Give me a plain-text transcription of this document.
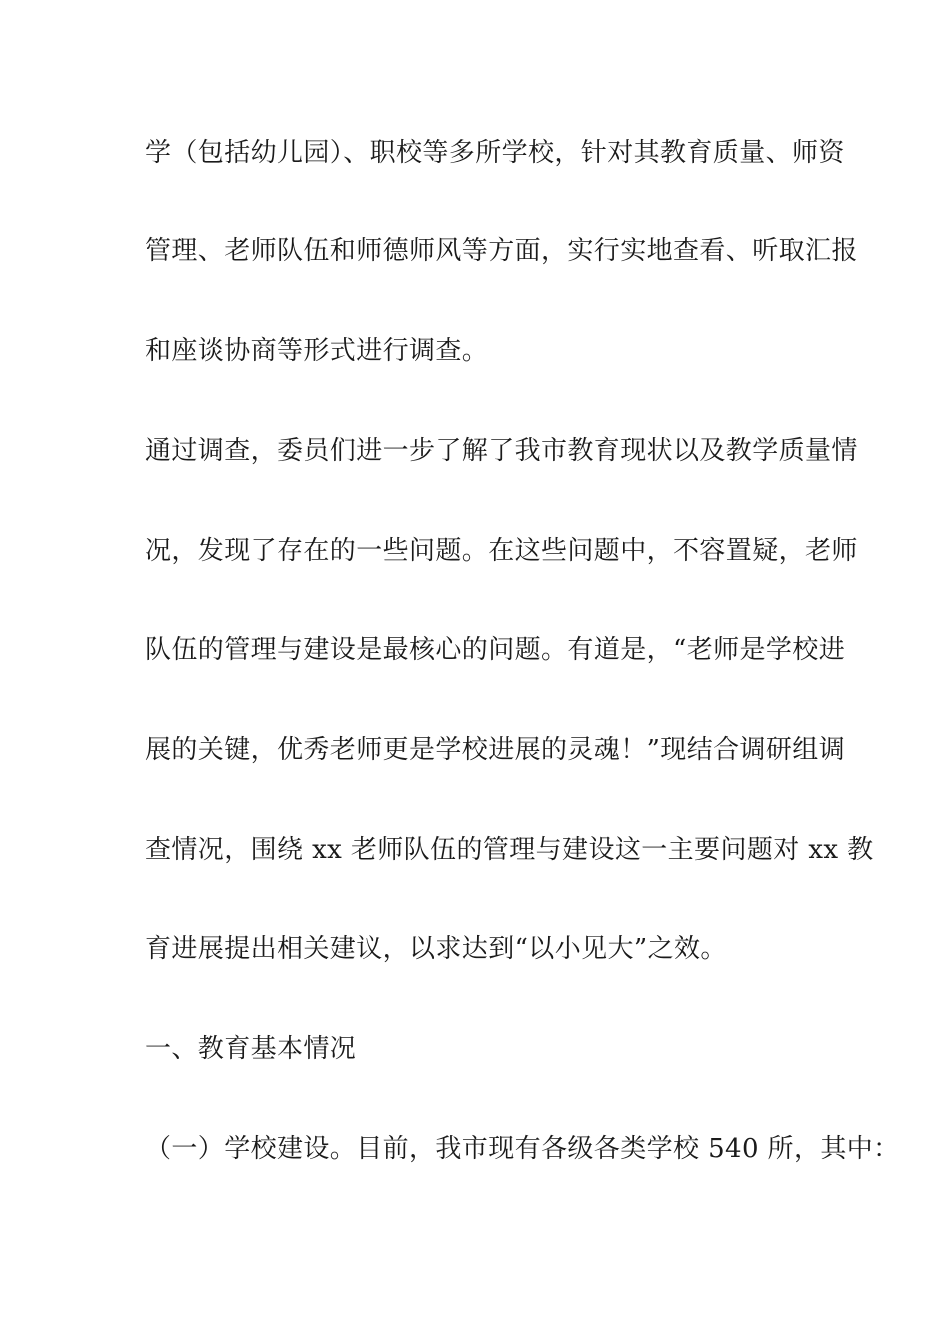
学（包括幼儿园）、职校等多所学校，针对其教育质量、师资
管理、老师队伍和师德师风等方面，实行实地查看、听取汇报
和座谈协商等形式进行调查。
通过调查，委员们进一步了解了我市教育现状以及教学质量情
况，发现了存在的一些问题。在这些问题中，不容置疑，老师
队伍的管理与建设是最核心的问题。有道是，“老师是学校进
展的关键，优秀老师更是学校进展的灵魂！”现结合调研组调
查情况，围绕 xx 老师队伍的管理与建设这一主要问题对 xx 教
育进展提出相关建议，以求达到“以小见大”之效。
一、教育基本情况
（一）学校建设。目前，我市现有各级各类学校 540 所，其中：
